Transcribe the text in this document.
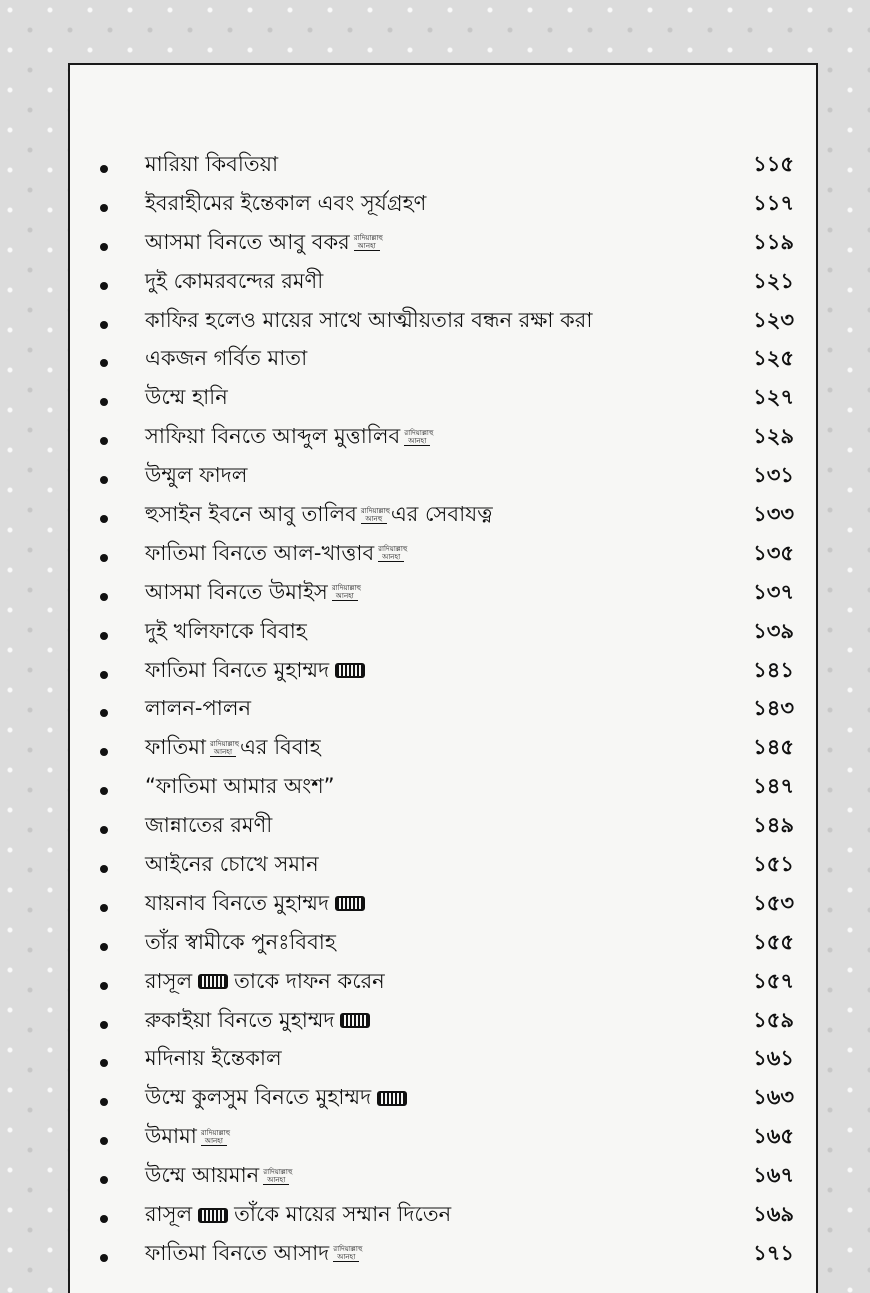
মারিয়া কিবতিয়া	১১৫
ইবরাহীমের ইন্তেকাল এবং সূর্যগ্রহণ	১১৭
আসমা বিনতে আবু বকর রাদিয়াল্লাহু আনহা	১১৯
দুই কোমরবন্দের রমণী	১২১
কাফির হলেও মায়ের সাথে আত্মীয়তার বন্ধন রক্ষা করা	১২৩
একজন গর্বিত মাতা	১২৫
উম্মে হানি	১২৭
সাফিয়া বিনতে আব্দুল মুত্তালিব রাদিয়াল্লাহু আনহা	১২৯
উম্মুল ফাদল	১৩১
হুসাইন ইবনে আবু তালিব রাদিয়াল্লাহু আনহু এর সেবাযত্ন	১৩৩
ফাতিমা বিনতে আল-খাত্তাব রাদিয়াল্লাহু আনহা	১৩৫
আসমা বিনতে উমাইস রাদিয়াল্লাহু আনহা	১৩৭
দুই খলিফাকে বিবাহ	১৩৯
ফাতিমা বিনতে মুহাম্মদ	১৪১
লালন-পালন	১৪৩
ফাতিমা রাদিয়াল্লাহু আনহা এর বিবাহ	১৪৫
“ফাতিমা আমার অংশ”	১৪৭
জান্নাতের রমণী	১৪৯
আইনের চোখে সমান	১৫১
যায়নাব বিনতে মুহাম্মদ	১৫৩
তাঁর স্বামীকে পুনঃবিবাহ	১৫৫
রাসূল তাকে দাফন করেন	১৫৭
রুকাইয়া বিনতে মুহাম্মদ	১৫৯
মদিনায় ইন্তেকাল	১৬১
উম্মে কুলসুম বিনতে মুহাম্মদ	১৬৩
উমামা রাদিয়াল্লাহু আনহা	১৬৫
উম্মে আয়মান রাদিয়াল্লাহু আনহা	১৬৭
রাসূল তাঁকে মায়ের সম্মান দিতেন	১৬৯
ফাতিমা বিনতে আসাদ রাদিয়াল্লাহু আনহা	১৭১
